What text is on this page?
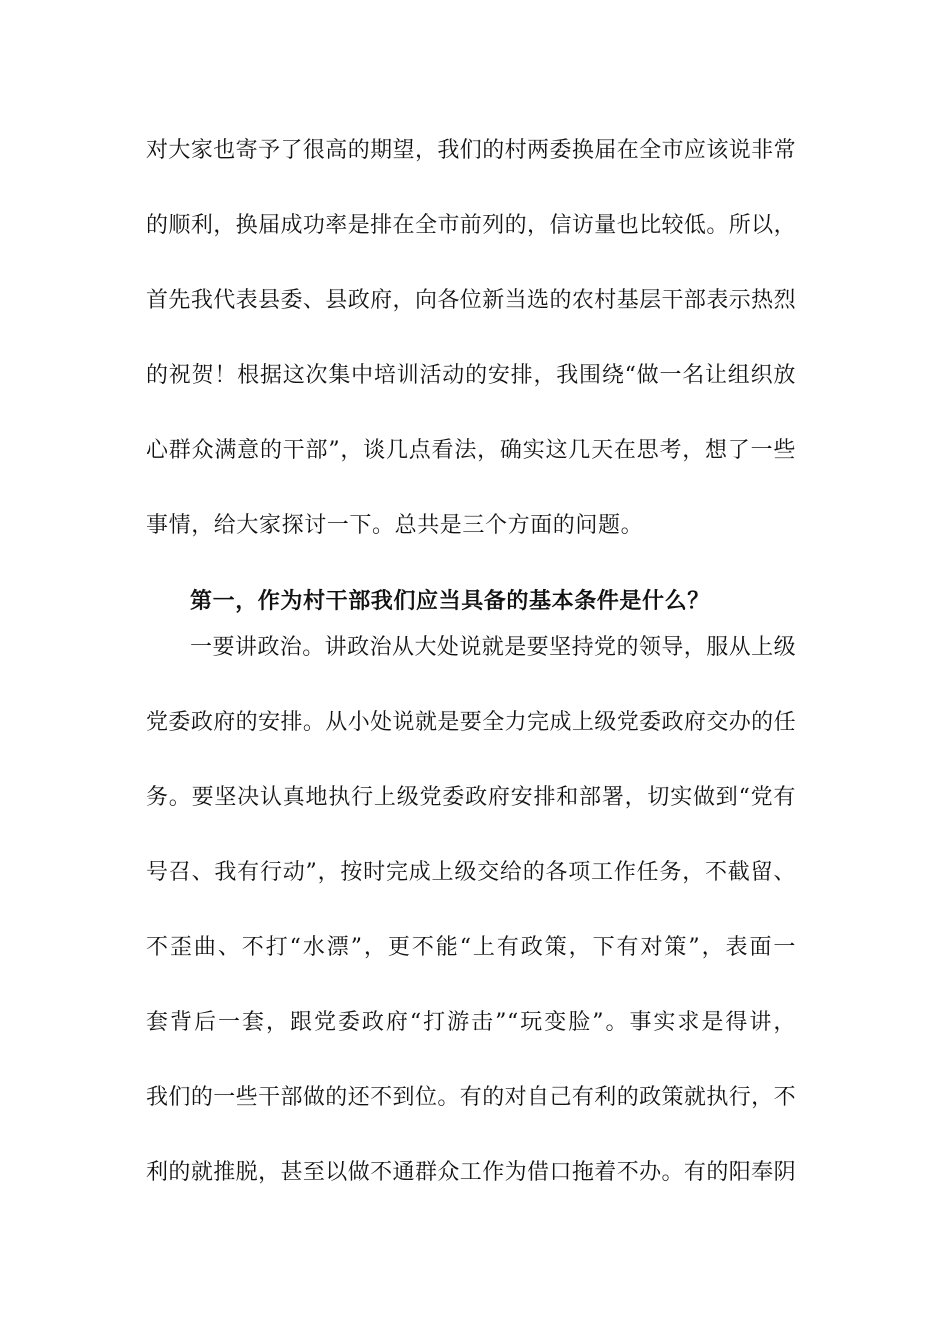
对大家也寄予了很高的期望，我们的村两委换届在全市应该说非常
的顺利，换届成功率是排在全市前列的，信访量也比较低。所以，
首先我代表县委、县政府，向各位新当选的农村基层干部表示热烈
的祝贺！根据这次集中培训活动的安排，我围绕“做一名让组织放
心群众满意的干部”，谈几点看法，确实这几天在思考，想了一些
事情，给大家探讨一下。总共是三个方面的问题。
第一，作为村干部我们应当具备的基本条件是什么？
一要讲政治。讲政治从大处说就是要坚持党的领导，服从上级
党委政府的安排。从小处说就是要全力完成上级党委政府交办的任
务。要坚决认真地执行上级党委政府安排和部署，切实做到“党有
号召、我有行动”，按时完成上级交给的各项工作任务，不截留、
不歪曲、不打“水漂”，更不能“上有政策，下有对策”，表面一
套背后一套，跟党委政府“打游击”“玩变脸”。事实求是得讲，
我们的一些干部做的还不到位。有的对自己有利的政策就执行，不
利的就推脱，甚至以做不通群众工作为借口拖着不办。有的阳奉阴
